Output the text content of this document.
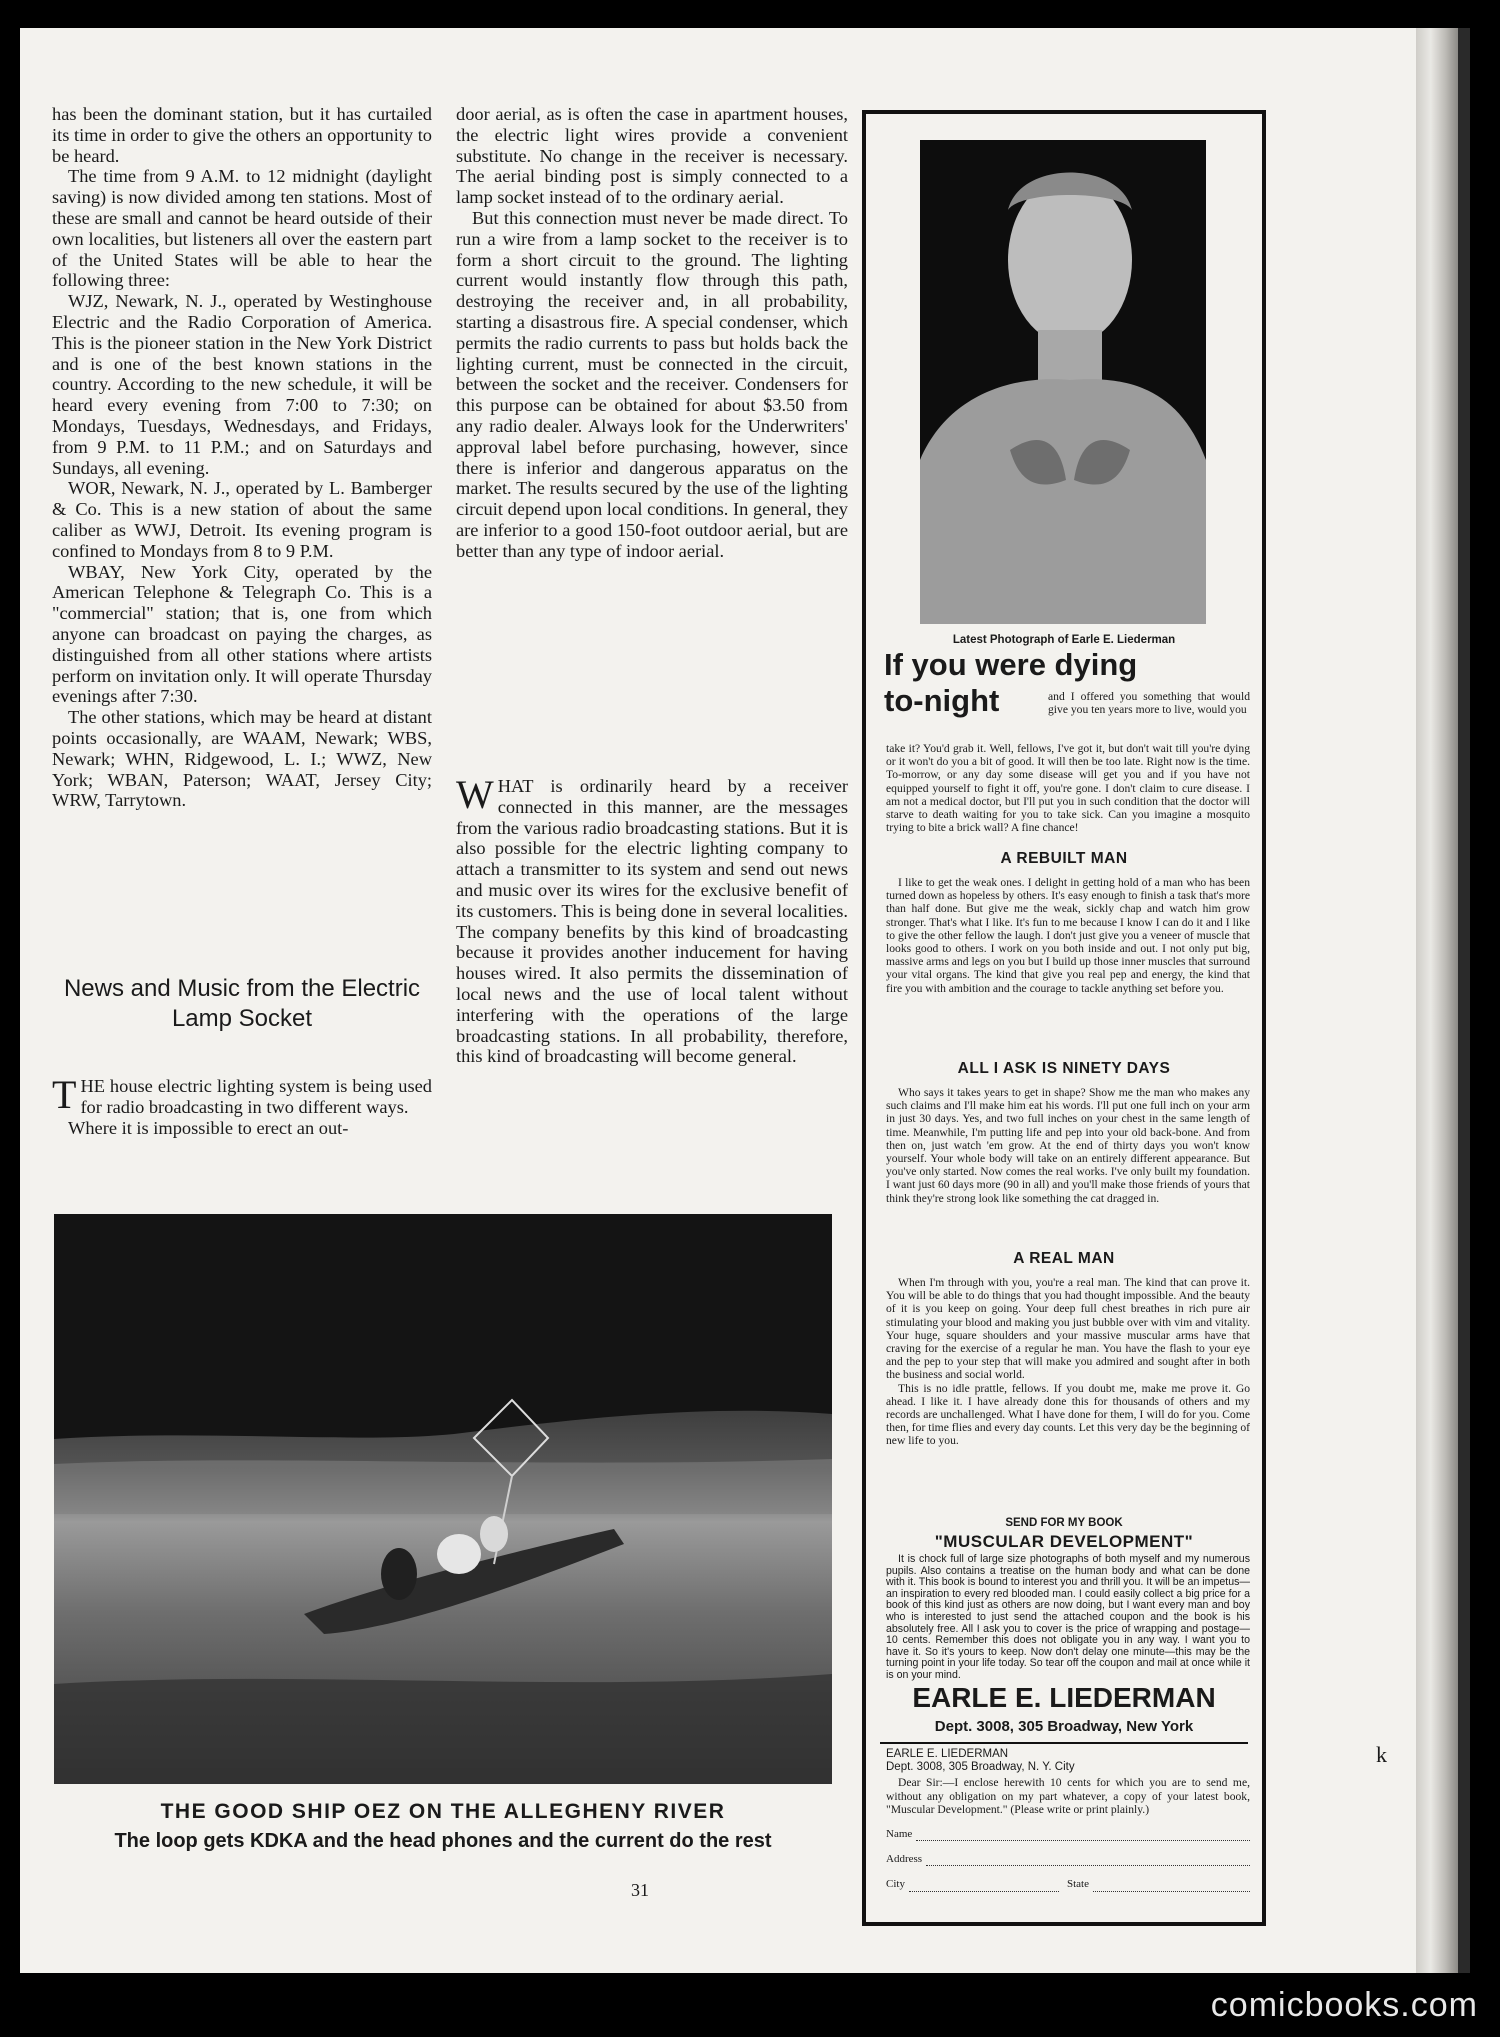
k

has been the dominant station, but it has curtailed its time in order to give the others an opportunity to be heard.

The time from 9 A.M. to 12 midnight (daylight saving) is now divided among ten stations. Most of these are small and cannot be heard outside of their own localities, but listeners all over the eastern part of the United States will be able to hear the following three:

WJZ, Newark, N. J., operated by Westinghouse Electric and the Radio Corporation of America. This is the pioneer station in the New York District and is one of the best known stations in the country. According to the new schedule, it will be heard every evening from 7:00 to 7:30; on Mondays, Tuesdays, Wednesdays, and Fridays, from 9 P.M. to 11 P.M.; and on Saturdays and Sundays, all evening.

WOR, Newark, N. J., operated by L. Bamberger & Co. This is a new station of about the same caliber as WWJ, Detroit. Its evening program is confined to Mondays from 8 to 9 P.M.

WBAY, New York City, operated by the American Telephone & Telegraph Co. This is a "commercial" station; that is, one from which anyone can broadcast on paying the charges, as distinguished from all other stations where artists perform on invitation only. It will operate Thursday evenings after 7:30.

The other stations, which may be heard at distant points occasionally, are WAAM, Newark; WBS, Newark; WHN, Ridgewood, L. I.; WWZ, New York; WBAN, Paterson; WAAT, Jersey City; WRW, Tarrytown.

News and Music from the Electric Lamp Socket

THE house electric lighting system is being used for radio broadcasting in two different ways.

Where it is impossible to erect an out-

door aerial, as is often the case in apartment houses, the electric light wires provide a convenient substitute. No change in the receiver is necessary. The aerial binding post is simply connected to a lamp socket instead of to the ordinary aerial.

But this connection must never be made direct. To run a wire from a lamp socket to the receiver is to form a short circuit to the ground. The lighting current would instantly flow through this path, destroying the receiver and, in all probability, starting a disastrous fire. A special condenser, which permits the radio currents to pass but holds back the lighting current, must be connected in the circuit, between the socket and the receiver. Condensers for this purpose can be obtained for about $3.50 from any radio dealer. Always look for the Underwriters' approval label before purchasing, however, since there is inferior and dangerous apparatus on the market. The results secured by the use of the lighting circuit depend upon local conditions. In general, they are inferior to a good 150-foot outdoor aerial, but are better than any type of indoor aerial.

WHAT is ordinarily heard by a receiver connected in this manner, are the messages from the various radio broadcasting stations. But it is also possible for the electric lighting company to attach a transmitter to its system and send out news and music over its wires for the exclusive benefit of its customers. This is being done in several localities. The company benefits by this kind of broadcasting because it provides another inducement for having houses wired. It also permits the dissemination of local news and the use of local talent without interfering with the operations of the large broadcasting stations. In all probability, therefore, this kind of broadcasting will become general.

THE GOOD SHIP OEZ ON THE ALLEGHENY RIVER
The loop gets KDKA and the head phones and the current do the rest
31
Latest Photograph of Earle E. Liederman
If you were dying
to-night	and I offered you something that would give you ten years more to live, would you

take it? You'd grab it. Well, fellows, I've got it, but don't wait till you're dying or it won't do you a bit of good. It will then be too late. Right now is the time. To-morrow, or any day some disease will get you and if you have not equipped yourself to fight it off, you're gone. I don't claim to cure disease. I am not a medical doctor, but I'll put you in such condition that the doctor will starve to death waiting for you to take sick. Can you imagine a mosquito trying to bite a brick wall? A fine chance!

A REBUILT MAN

I like to get the weak ones. I delight in getting hold of a man who has been turned down as hopeless by others. It's easy enough to finish a task that's more than half done. But give me the weak, sickly chap and watch him grow stronger. That's what I like. It's fun to me because I know I can do it and I like to give the other fellow the laugh. I don't just give you a veneer of muscle that looks good to others. I work on you both inside and out. I not only put big, massive arms and legs on you but I build up those inner muscles that surround your vital organs. The kind that give you real pep and energy, the kind that fire you with ambition and the courage to tackle anything set before you.

ALL I ASK IS NINETY DAYS

Who says it takes years to get in shape? Show me the man who makes any such claims and I'll make him eat his words. I'll put one full inch on your arm in just 30 days. Yes, and two full inches on your chest in the same length of time. Meanwhile, I'm putting life and pep into your old back-bone. And from then on, just watch 'em grow. At the end of thirty days you won't know yourself. Your whole body will take on an entirely different appearance. But you've only started. Now comes the real works. I've only built my foundation. I want just 60 days more (90 in all) and you'll make those friends of yours that think they're strong look like something the cat dragged in.

A REAL MAN

When I'm through with you, you're a real man. The kind that can prove it. You will be able to do things that you had thought impossible. And the beauty of it is you keep on going. Your deep full chest breathes in rich pure air stimulating your blood and making you just bubble over with vim and vitality. Your huge, square shoulders and your massive muscular arms have that craving for the exercise of a regular he man. You have the flash to your eye and the pep to your step that will make you admired and sought after in both the business and social world.

This is no idle prattle, fellows. If you doubt me, make me prove it. Go ahead. I like it. I have already done this for thousands of others and my records are unchallenged. What I have done for them, I will do for you. Come then, for time flies and every day counts. Let this very day be the beginning of new life to you.

SEND FOR MY BOOK
"MUSCULAR DEVELOPMENT"

It is chock full of large size photographs of both myself and my numerous pupils. Also contains a treatise on the human body and what can be done with it. This book is bound to interest you and thrill you. It will be an impetus—an inspiration to every red blooded man. I could easily collect a big price for a book of this kind just as others are now doing, but I want every man and boy who is interested to just send the attached coupon and the book is his absolutely free. All I ask you to cover is the price of wrapping and postage—10 cents. Remember this does not obligate you in any way. I want you to have it. So it's yours to keep. Now don't delay one minute—this may be the turning point in your life today. So tear off the coupon and mail at once while it is on your mind.

EARLE E. LIEDERMAN
Dept. 3008, 305 Broadway, New York
EARLE E. LIEDERMAN
Dept. 3008, 305 Broadway, N. Y. City

Dear Sir:—I enclose herewith 10 cents for which you are to send me, without any obligation on my part whatever, a copy of your latest book, "Muscular Development." (Please write or print plainly.)

Name
Address
City	State
comicbooks.com
